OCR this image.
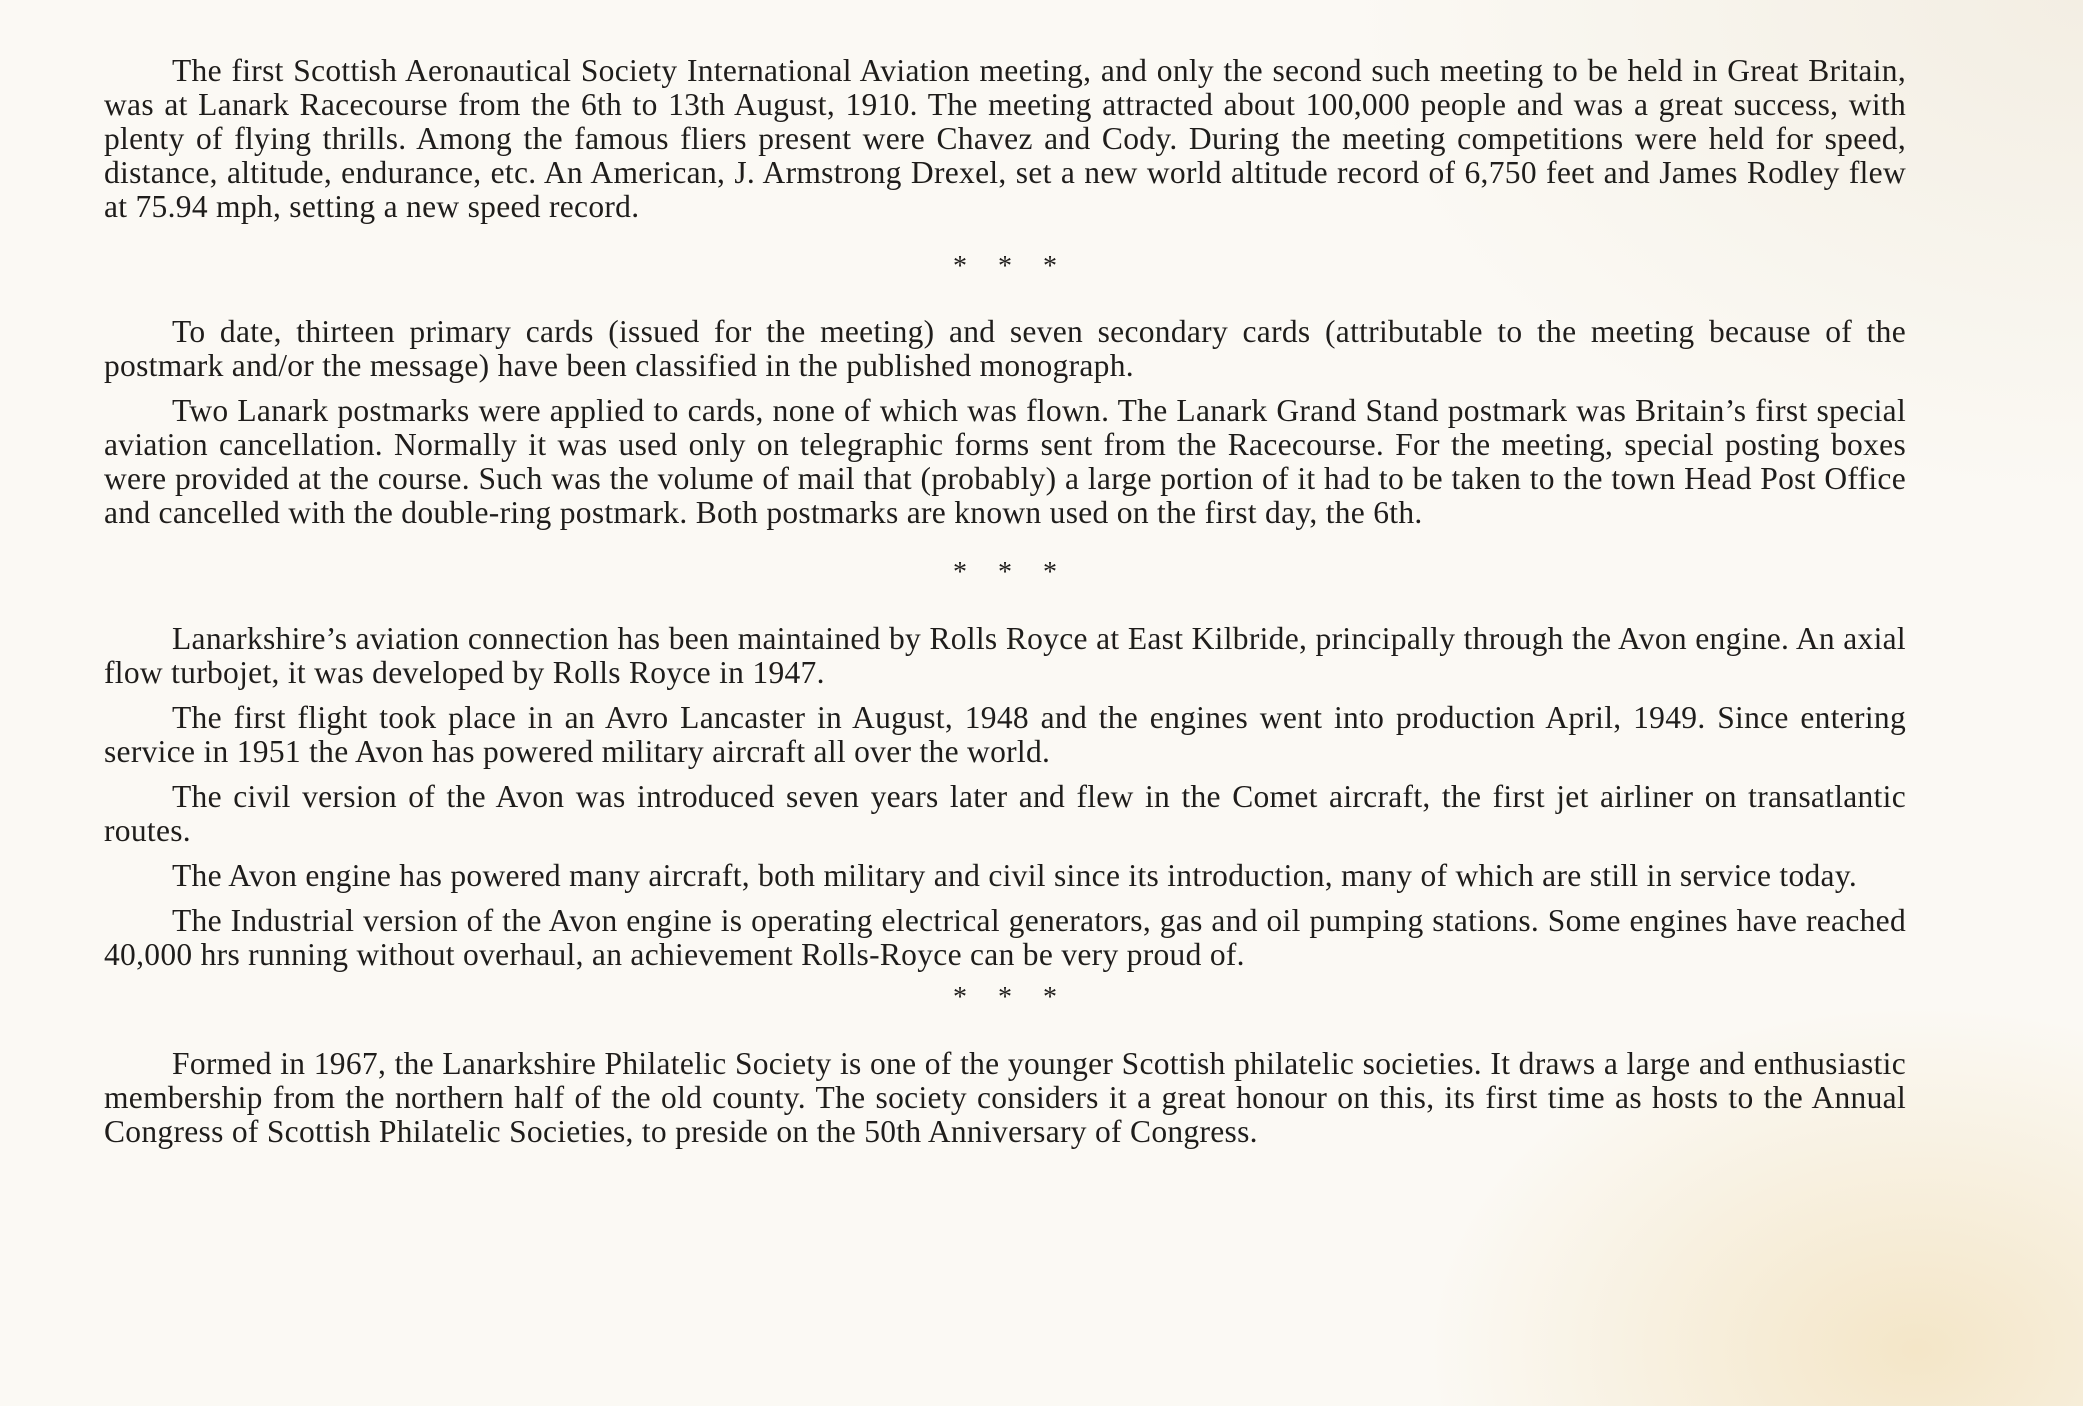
The first Scottish Aeronautical Society International Aviation meeting, and only the second such meeting to be held in Great Britain, was at Lanark Racecourse from the 6th to 13th August, 1910. The meeting attracted about 100,000 people and was a great success, with plenty of flying thrills. Among the famous fliers present were Chavez and Cody. During the meeting competitions were held for speed, distance, altitude, endurance, etc. An American, J. Armstrong Drexel, set a new world altitude record of 6,750 feet and James Rodley flew at 75.94 mph, setting a new speed record.

* * *

To date, thirteen primary cards (issued for the meeting) and seven secondary cards (attributable to the meeting because of the postmark and/or the message) have been classified in the published monograph.

Two Lanark postmarks were applied to cards, none of which was flown. The Lanark Grand Stand postmark was Britain’s first special aviation cancellation. Normally it was used only on telegraphic forms sent from the Racecourse. For the meeting, special posting boxes were provided at the course. Such was the volume of mail that (probably) a large portion of it had to be taken to the town Head Post Office and cancelled with the double-ring postmark. Both postmarks are known used on the first day, the 6th.

* * *

Lanarkshire’s aviation connection has been maintained by Rolls Royce at East Kilbride, principally through the Avon engine. An axial flow turbojet, it was developed by Rolls Royce in 1947.

The first flight took place in an Avro Lancaster in August, 1948 and the engines went into production April, 1949. Since entering service in 1951 the Avon has powered military aircraft all over the world.

The civil version of the Avon was introduced seven years later and flew in the Comet aircraft, the first jet airliner on transatlantic routes.

The Avon engine has powered many aircraft, both military and civil since its introduction, many of which are still in service today.

The Industrial version of the Avon engine is operating electrical generators, gas and oil pumping stations. Some engines have reached 40,000 hrs running without overhaul, an achievement Rolls-Royce can be very proud of.

* * *

Formed in 1967, the Lanarkshire Philatelic Society is one of the younger Scottish philatelic societies. It draws a large and enthusiastic membership from the northern half of the old county. The society considers it a great honour on this, its first time as hosts to the Annual Congress of Scottish Philatelic Societies, to preside on the 50th Anniversary of Congress.
